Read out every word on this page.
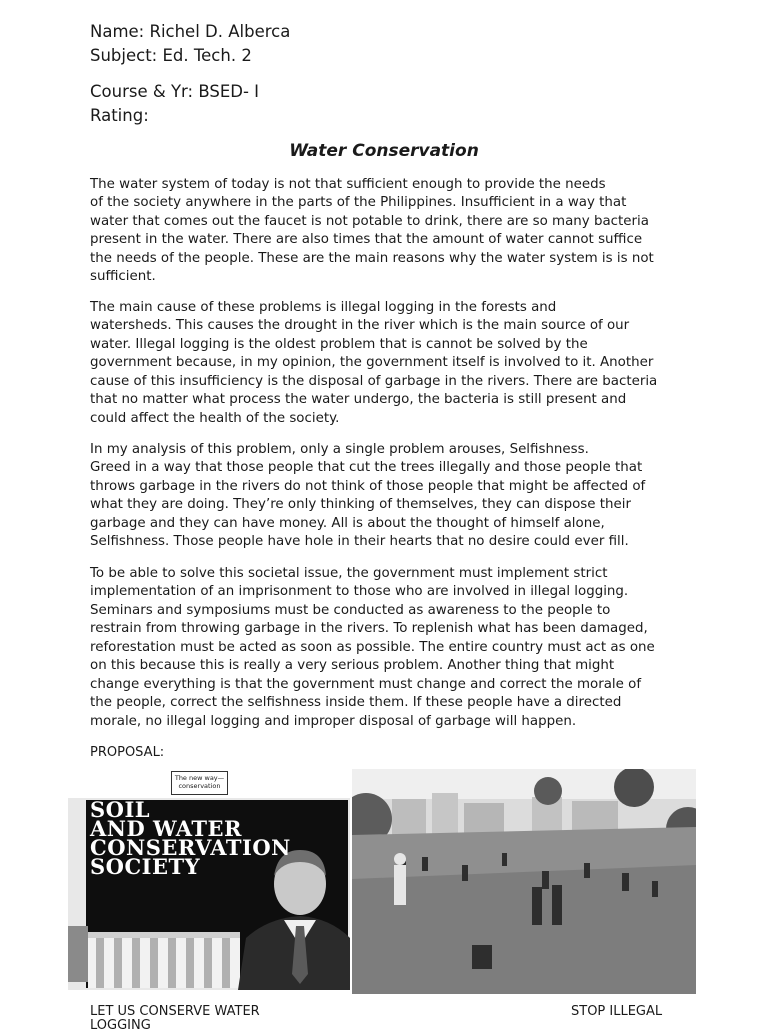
Name: Richel D. Alberca
Subject: Ed. Tech. 2
Course & Yr: BSED- I
Rating:
Water Conservation

The water system of today is not that sufficient enough to provide the needs
of the society anywhere in the parts of the Philippines. Insufficient in a way that
water that comes out the faucet is not potable to drink, there are so many bacteria
present in the water. There are also times that the amount of water cannot suffice
the needs of the people. These are the main reasons why the water system is is not
sufficient.

The main cause of these problems is illegal logging in the forests and
watersheds. This causes the drought in the river which is the main source of our
water. Illegal logging is the oldest problem that is cannot be solved by the
government because, in my opinion, the government itself is involved to it. Another
cause of this insufficiency is the disposal of garbage in the rivers. There are bacteria
that no matter what process the water undergo, the bacteria is still present and
could affect the health of the society.

In my analysis of this problem, only a single problem arouses, Selfishness.
Greed in a way that those people that cut the trees illegally and those people that
throws garbage in the rivers do not think of those people that might be affected of
what they are doing. They’re only thinking of themselves, they can dispose their
garbage and they can have money. All is about the thought of himself alone,
Selfishness. Those people have hole in their hearts that no desire could ever fill.

To be able to solve this societal issue, the government must implement strict
implementation of an imprisonment to those who are involved in illegal logging.
Seminars and symposiums must be conducted as awareness to the people to
restrain from throwing garbage in the rivers. To replenish what has been damaged,
reforestation must be acted as soon as possible. The entire country must act as one
on this because this is really a very serious problem. Another thing that might
change everything is that the government must change and correct the morale of
the people, correct the selfishness inside them. If these people have a directed
morale, no illegal logging and improper disposal of garbage will happen.

PROPOSAL:
The new way—
conservation
SOIL
AND WATER
CONSERVATION
SOCIETY
LET US CONSERVE WATER	STOP ILLEGAL
LOGGING
